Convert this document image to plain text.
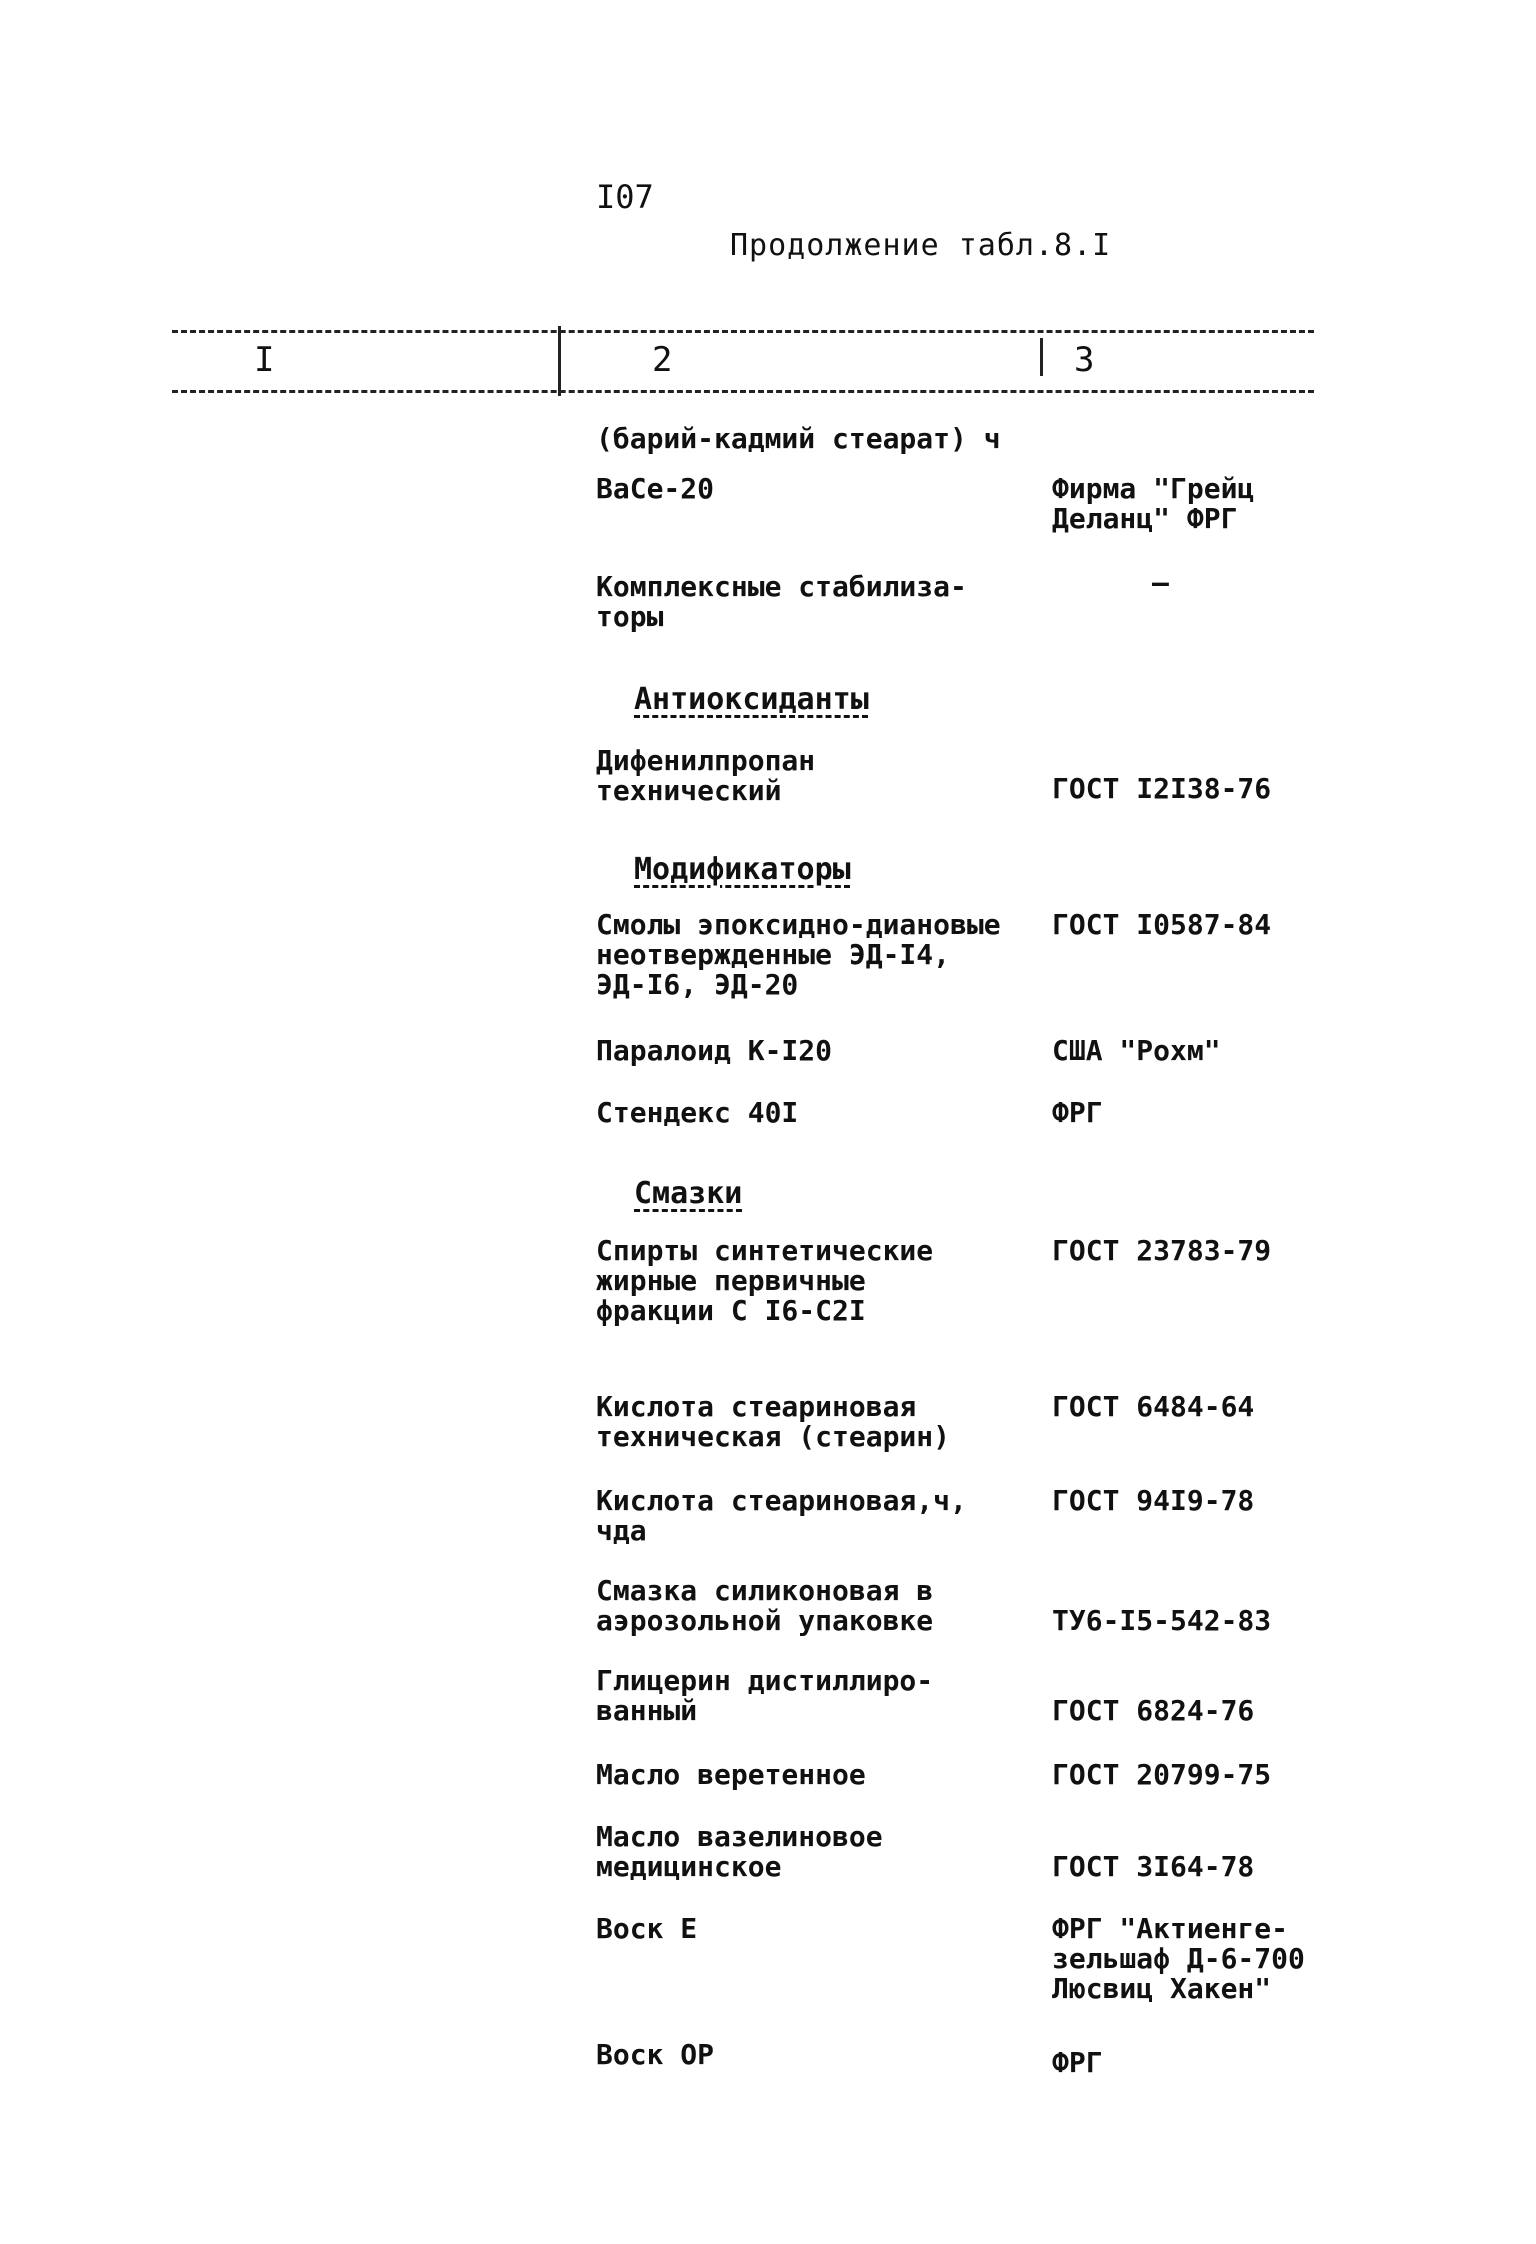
I07
Продолжение табл.8.I
I	2	3
(барий-кадмий стеарат) ч
BaCe-20	Фирма "Грейц
Деланц" ФРГ
Комплексные стабилиза-
торы
—
Антиоксиданты
Дифенилпропан
технический	ГОСТ I2I38-76
Модификаторы
Смолы эпоксидно-диановые
неотвержденные ЭД-I4,
ЭД-I6, ЭД-20
ГОСТ I0587-84
Паралоид К-I20	США "Рохм"
Стендекс 40I	ФРГ
Смазки
Спирты синтетические
жирные первичные
фракции С I6-C2I
ГОСТ 23783-79
Кислота стеариновая
техническая (стеарин)
ГОСТ 6484-64
Кислота стеариновая,ч,
чда
ГОСТ 94I9-78
Смазка силиконовая в
аэрозольной упаковке	ТУ6-I5-542-83
Глицерин дистиллиро-
ванный	ГОСТ 6824-76
Масло веретенное	ГОСТ 20799-75
Масло вазелиновое
медицинское	ГОСТ 3I64-78
Воск Е	ФРГ "Актиенге-
зельшаф Д-6-700
Люсвиц Хакен"
Воск ОР	ФРГ
